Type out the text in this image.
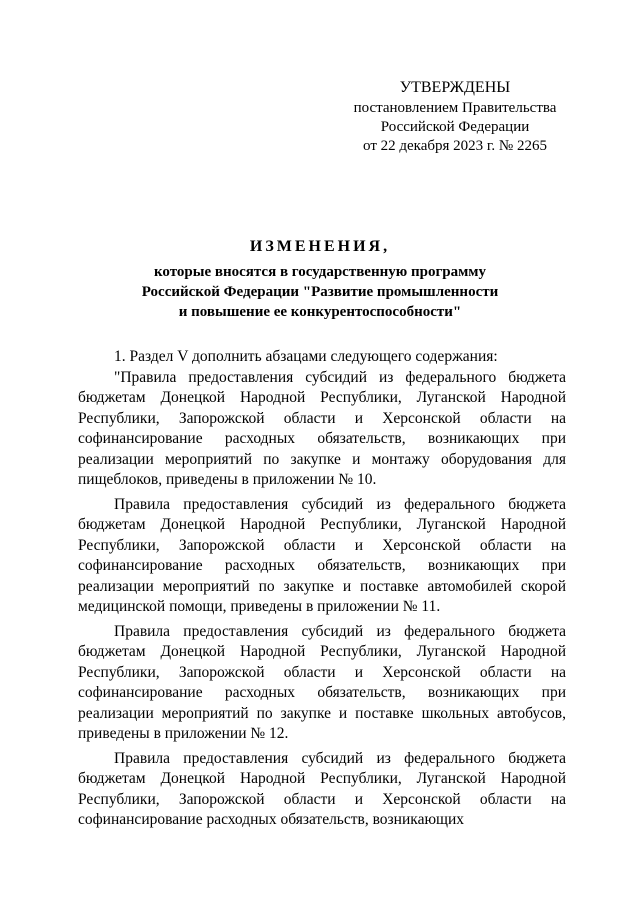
УТВЕРЖДЕНЫ
постановлением Правительства
Российской Федерации
от 22 декабря 2023 г. № 2265
ИЗМЕНЕНИЯ,
которые вносятся в государственную программу
Российской Федерации "Развитие промышленности
и повышение ее конкурентоспособности"

1. Раздел V дополнить абзацами следующего содержания:

"Правила предоставления субсидий из федерального бюджета бюджетам Донецкой Народной Республики, Луганской Народной Республики, Запорожской области и Херсонской области на софинансирование расходных обязательств, возникающих при реализации мероприятий по закупке и монтажу оборудования для пищеблоков, приведены в приложении № 10.

Правила предоставления субсидий из федерального бюджета бюджетам Донецкой Народной Республики, Луганской Народной Республики, Запорожской области и Херсонской области на софинансирование расходных обязательств, возникающих при реализации мероприятий по закупке и поставке автомобилей скорой медицинской помощи, приведены в приложении № 11.

Правила предоставления субсидий из федерального бюджета бюджетам Донецкой Народной Республики, Луганской Народной Республики, Запорожской области и Херсонской области на софинансирование расходных обязательств, возникающих при реализации мероприятий по закупке и поставке школьных автобусов, приведены в приложении № 12.

Правила предоставления субсидий из федерального бюджета бюджетам Донецкой Народной Республики, Луганской Народной Республики, Запорожской области и Херсонской области на софинансирование расходных обязательств, возникающих
